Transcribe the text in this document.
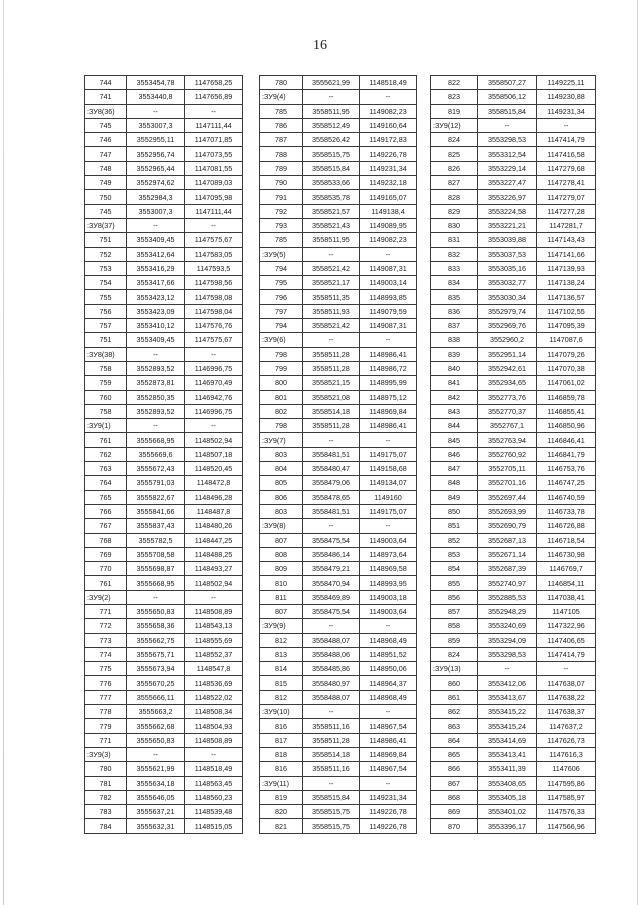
16
744	3553454,78	1147658,25
741	3553440,8	1147656,89
:ЗУ8(36)	--	--
745	3553007,3	1147111,44
746	3552955,11	1147071,85
747	3552956,74	1147073,55
748	3552965,44	1147081,55
749	3552974,62	1147089,03
750	3552984,3	1147095,98
745	3553007,3	1147111,44
:ЗУ8(37)	--	--
751	3553409,45	1147575,67
752	3553412,64	1147583,05
753	3553416,29	1147593,5
754	3553417,66	1147598,56
755	3553423,12	1147598,08
756	3553423,09	1147598,04
757	3553410,12	1147576,76
751	3553409,45	1147575,67
:ЗУ8(38)	--	--
758	3552893,52	1146996,75
759	3552873,81	1146970,49
760	3552850,35	1146942,76
758	3552893,52	1146996,75
:ЗУ9(1)	--	--
761	3555668,95	1148502,94
762	3555669,6	1148507,18
763	3555672,43	1148520,45
764	3555791,03	1148472,8
765	3555822,67	1148496,28
766	3555841,66	1148487,8
767	3555837,43	1148480,26
768	3555782,5	1148447,25
769	3555708,58	1148488,25
770	3555698,87	1148493,27
761	3555668,95	1148502,94
:ЗУ9(2)	--	--
771	3555650,83	1148508,89
772	3555658,36	1148543,13
773	3555662,75	1148555,69
774	3555675,71	1148552,37
775	3555673,94	1148547,8
776	3555670,25	1148536,69
777	3555666,11	1148522,02
778	3555663,2	1148508,34
779	3555662,68	1148504,93
771	3555650,83	1148508,89
:ЗУ9(3)	--	--
780	3555621,99	1148518,49
781	3555634,18	1148563,45
782	3555646,05	1148560,23
783	3555637,21	1148539,48
784	3555632,31	1148515,05
780	3555621,99	1148518,49
:ЗУ9(4)	--	--
785	3558511,95	1149082,23
786	3558512,49	1149160,64
787	3558526,42	1149172,83
788	3558515,75	1149226,78
789	3558515,84	1149231,34
790	3558533,66	1149232,18
791	3558535,78	1149165,07
792	3558521,57	1149138,4
793	3558521,43	1149089,95
785	3558511,95	1149082,23
:ЗУ9(5)	--	--
794	3558521,42	1149087,31
795	3558521,17	1149003,14
796	3558511,35	1148993,85
797	3558511,93	1149079,59
794	3558521,42	1149087,31
:ЗУ9(6)	--	--
798	3558511,28	1148986,41
799	3558511,28	1148986,72
800	3558521,15	1148995,99
801	3558521,08	1148975,12
802	3558514,18	1148969,84
798	3558511,28	1148986,41
:ЗУ9(7)	--	--
803	3558481,51	1149175,07
804	3558480,47	1149158,68
805	3558479,06	1149134,07
806	3558478,65	1149160
803	3558481,51	1149175,07
:ЗУ9(8)	--	--
807	3558475,54	1149003,64
808	3558486,14	1148973,64
809	3558479,21	1148969,58
810	3558470,94	1148993,95
811	3558469,89	1149003,18
807	3558475,54	1149003,64
:ЗУ9(9)	--	--
812	3558488,07	1148968,49
813	3558488,06	1148951,52
814	3558485,86	1148950,06
815	3558480,97	1148964,37
812	3558488,07	1148968,49
:ЗУ9(10)	--	--
816	3558511,16	1148967,54
817	3558511,28	1148986,41
818	3558514,18	1148969,84
816	3558511,16	1148967,54
:ЗУ9(11)	--	--
819	3558515,84	1149231,34
820	3558515,75	1149226,78
821	3558515,75	1149226,78
822	3558507,27	1149225,11
823	3558506,12	1149230,88
819	3558515,84	1149231,34
:ЗУ9(12)	--	--
824	3553298,53	1147414,79
825	3553312,54	1147416,58
826	3553229,14	1147279,68
827	3553227,47	1147278,41
828	3553226,97	1147279,07
829	3553224,58	1147277,28
830	3553221,21	1147281,7
831	3553039,88	1147143,43
832	3553037,53	1147141,66
833	3553035,16	1147139,93
834	3553032,77	1147138,24
835	3553030,34	1147136,57
836	3552979,74	1147102,55
837	3552969,76	1147095,39
838	3552960,2	1147087,6
839	3552951,14	1147079,26
840	3552942,61	1147070,38
841	3552934,65	1147061,02
842	3552773,76	1146859,78
843	3552770,37	1146855,41
844	3552767,1	1146850,96
845	3552763,94	1146846,41
846	3552760,92	1146841,79
847	3552705,11	1146753,76
848	3552701,16	1146747,25
849	3552697,44	1146740,59
850	3552693,99	1146733,78
851	3552690,79	1146726,88
852	3552687,13	1146718,54
853	3552671,14	1146730,98
854	3552687,39	1146769,7
855	3552740,97	1146854,11
856	3552885,53	1147038,41
857	3552948,29	1147105
858	3553240,69	1147322,96
859	3553294,09	1147406,65
824	3553298,53	1147414,79
:ЗУ9(13)	--	--
860	3553412,06	1147638,07
861	3553413,67	1147638,22
862	3553415,22	1147638,37
863	3553415,24	1147637,2
864	3553414,69	1147626,73
865	3553413,41	1147616,3
866	3553411,39	1147606
867	3553408,65	1147595,86
868	3553405,18	1147585,97
869	3553401,02	1147576,33
870	3553396,17	1147566,96
